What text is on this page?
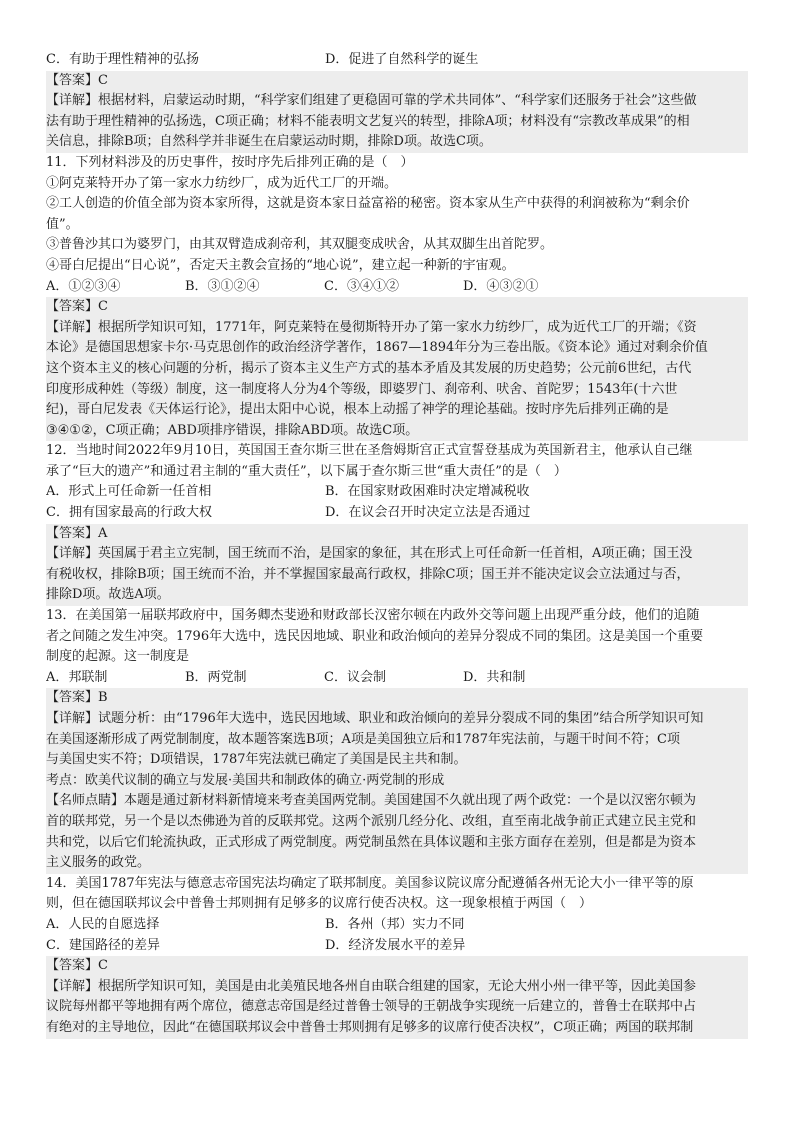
C．有助于理性精神的弘扬	D．促进了自然科学的诞生
【答案】C
【详解】根据材料，启蒙运动时期，“科学家们组建了更稳固可靠的学术共同体”、“科学家们还服务于社会”这些做
法有助于理性精神的弘扬选，C项正确；材料不能表明文艺复兴的转型，排除A项；材料没有“宗教改革成果”的相
关信息，排除B项；自然科学并非诞生在启蒙运动时期，排除D项。故选C项。
11．下列材料涉及的历史事件，按时序先后排列正确的是（　）
①阿克莱特开办了第一家水力纺纱厂，成为近代工厂的开端。
②工人创造的价值全部为资本家所得，这就是资本家日益富裕的秘密。资本家从生产中获得的利润被称为“剩余价
值”。
③普鲁沙其口为婆罗门，由其双臂造成刹帝利，其双腿变成吠舍，从其双脚生出首陀罗。
④哥白尼提出“日心说”，否定天主教会宣扬的“地心说”，建立起一种新的宇宙观。
A．①②③④	B．③①②④	C．③④①②	D．④③②①
【答案】C
【详解】根据所学知识可知，1771年，阿克莱特在曼彻斯特开办了第一家水力纺纱厂，成为近代工厂的开端；《资
本论》是德国思想家卡尔·马克思创作的政治经济学著作，1867—1894年分为三卷出版。《资本论》通过对剩余价值
这个资本主义的核心问题的分析，揭示了资本主义生产方式的基本矛盾及其发展的历史趋势；公元前6世纪，古代
印度形成种姓（等级）制度，这一制度将人分为4个等级，即婆罗门、刹帝利、吠舍、首陀罗；1543年(十六世
纪)，哥白尼发表《天体运行论》，提出太阳中心说，根本上动摇了神学的理论基础。按时序先后排列正确的是
③④①②，C项正确；ABD项排序错误，排除ABD项。故选C项。
12．当地时间2022年9月10日，英国国王查尔斯三世在圣詹姆斯宫正式宣誓登基成为英国新君主，他承认自己继
承了“巨大的遗产”和通过君主制的“重大责任”，以下属于查尔斯三世“重大责任”的是（　）
A．形式上可任命新一任首相	B．在国家财政困难时决定增减税收
C．拥有国家最高的行政大权	D．在议会召开时决定立法是否通过
【答案】A
【详解】英国属于君主立宪制，国王统而不治，是国家的象征，其在形式上可任命新一任首相，A项正确；国王没
有税收权，排除B项；国王统而不治，并不掌握国家最高行政权，排除C项；国王并不能决定议会立法通过与否，
排除D项。故选A项。
13．在美国第一届联邦政府中，国务卿杰斐逊和财政部长汉密尔顿在内政外交等问题上出现严重分歧，他们的追随
者之间随之发生冲突。1796年大选中，选民因地域、职业和政治倾向的差异分裂成不同的集团。这是美国一个重要
制度的起源。这一制度是
A．邦联制	B．两党制	C．议会制	D．共和制
【答案】B
【详解】试题分析：由“1796年大选中，选民因地域、职业和政治倾向的差异分裂成不同的集团”结合所学知识可知
在美国逐渐形成了两党制制度，故本题答案选B项；A项是美国独立后和1787年宪法前，与题干时间不符；C项
与美国史实不符；D项错误，1787年宪法就已确定了美国是民主共和制。
考点：欧美代议制的确立与发展·美国共和制政体的确立·两党制的形成
【名师点睛】本题是通过新材料新情境来考查美国两党制。美国建国不久就出现了两个政党：一个是以汉密尔顿为
首的联邦党，另一个是以杰佛逊为首的反联邦党。这两个派别几经分化、改组，直至南北战争前正式建立民主党和
共和党，以后它们轮流执政，正式形成了两党制度。两党制虽然在具体议题和主张方面存在差别，但是都是为资本
主义服务的政党。
14．美国1787年宪法与德意志帝国宪法均确定了联邦制度。美国参议院议席分配遵循各州无论大小一律平等的原
则，但在德国联邦议会中普鲁士邦则拥有足够多的议席行使否决权。这一现象根植于两国（　）
A．人民的自愿选择	B．各州（邦）实力不同
C．建国路径的差异	D．经济发展水平的差异
【答案】C
【详解】根据所学知识可知，美国是由北美殖民地各州自由联合组建的国家，无论大州小州一律平等，因此美国参
议院每州都平等地拥有两个席位，德意志帝国是经过普鲁士领导的王朝战争实现统一后建立的，普鲁士在联邦中占
有绝对的主导地位，因此“在德国联邦议会中普鲁士邦则拥有足够多的议席行使否决权”，C项正确；两国的联邦制
